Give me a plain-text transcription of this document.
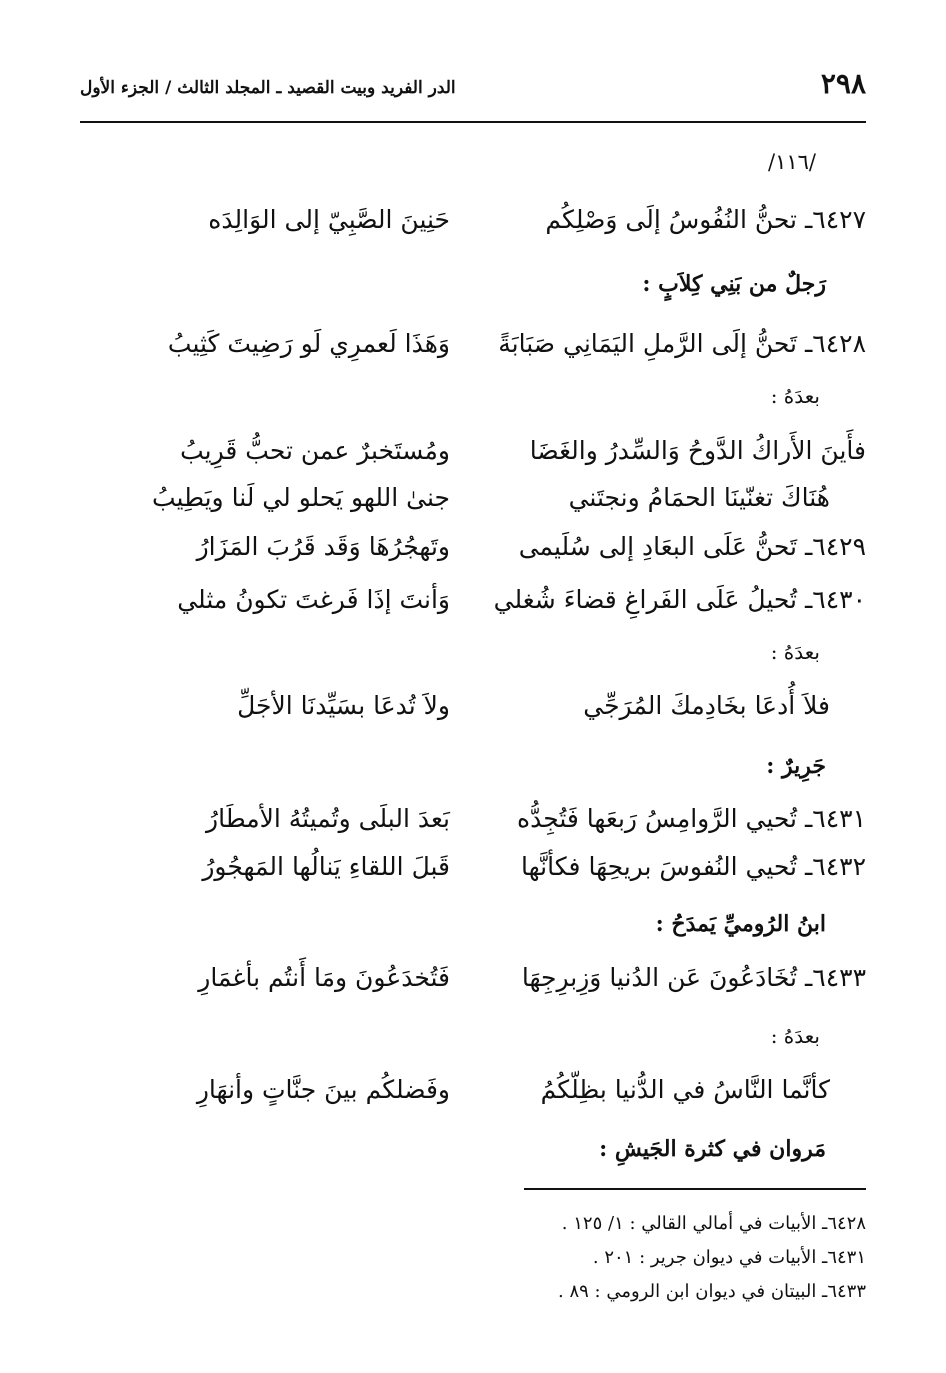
٢٩٨
الدر الفريد وبيت القصيد ـ المجلد الثالث / الجزء الأول
/١١٦/
٦٤٢٧ـ تحنُّ النُفُوسُ إلَى وَصْلِكُم
حَنِينَ الصَّبِيّ إلى الوَالِدَه
رَجلٌ من بَنِي كِلاَبٍ :
٦٤٢٨ـ تَحنُّ إلَى الرَّملِ اليَمَانِي صَبَابَةً
وَهَذَا لَعمرِي لَو رَضِيتَ كَثِيبُ
بعدَهُ :
فأَينَ الأَراكُ الدَّوحُ وَالسِّدرُ والغَضَا
ومُستَخبرٌ عمن تحبُّ قَرِيبُ
هُنَاكَ تغنّينَا الحمَامُ ونجتَني
جنىٰ اللهو يَحلو لي لَنا ويَطِيبُ
٦٤٢٩ـ تَحنُّ عَلَى البعَادِ إلى سُلَيمى
وتَهجُرُهَا وَقَد قَرُبَ المَزَارُ
٦٤٣٠ـ تُحيلُ عَلَى الفَراغِ قضاءَ شُغلي
وَأنتَ إذَا فَرغتَ تكونُ مثلي
بعدَهُ :
فلاَ أُدعَا بخَادِمكَ المُرَجِّي
ولاَ تُدعَا بسَيِّدنَا الأجَلِّ
جَرِيرٌ :
٦٤٣١ـ تُحيي الرَّوامِسُ رَبعَها فَتُجِدُّه
بَعدَ البلَى وتُميتُهُ الأمطَارُ
٦٤٣٢ـ تُحيي النُفوسَ بريحِهَا فكأنَّها
قَبلَ اللقاءِ يَنالُها المَهجُورُ
ابنُ الرُوميِّ يَمدَحُ :
٦٤٣٣ـ تُخَادَعُونَ عَن الدُنيا وَزِبرِجِهَا
فَتُخدَعُونَ ومَا أَنتُم بأغمَارِ
بعدَهُ :
كأنَّما النَّاسُ في الدُّنيا بظِلّكُمُ
وفَضلكُم بينَ جنَّاتٍ وأنهَارِ
مَروان في كثرة الجَيشِ :
٦٤٢٨ـ الأبيات في أمالي القالي : ١/ ١٢٥ .
٦٤٣١ـ الأبيات في ديوان جرير : ٢٠١ .
٦٤٣٣ـ البيتان في ديوان ابن الرومي : ٨٩ .
